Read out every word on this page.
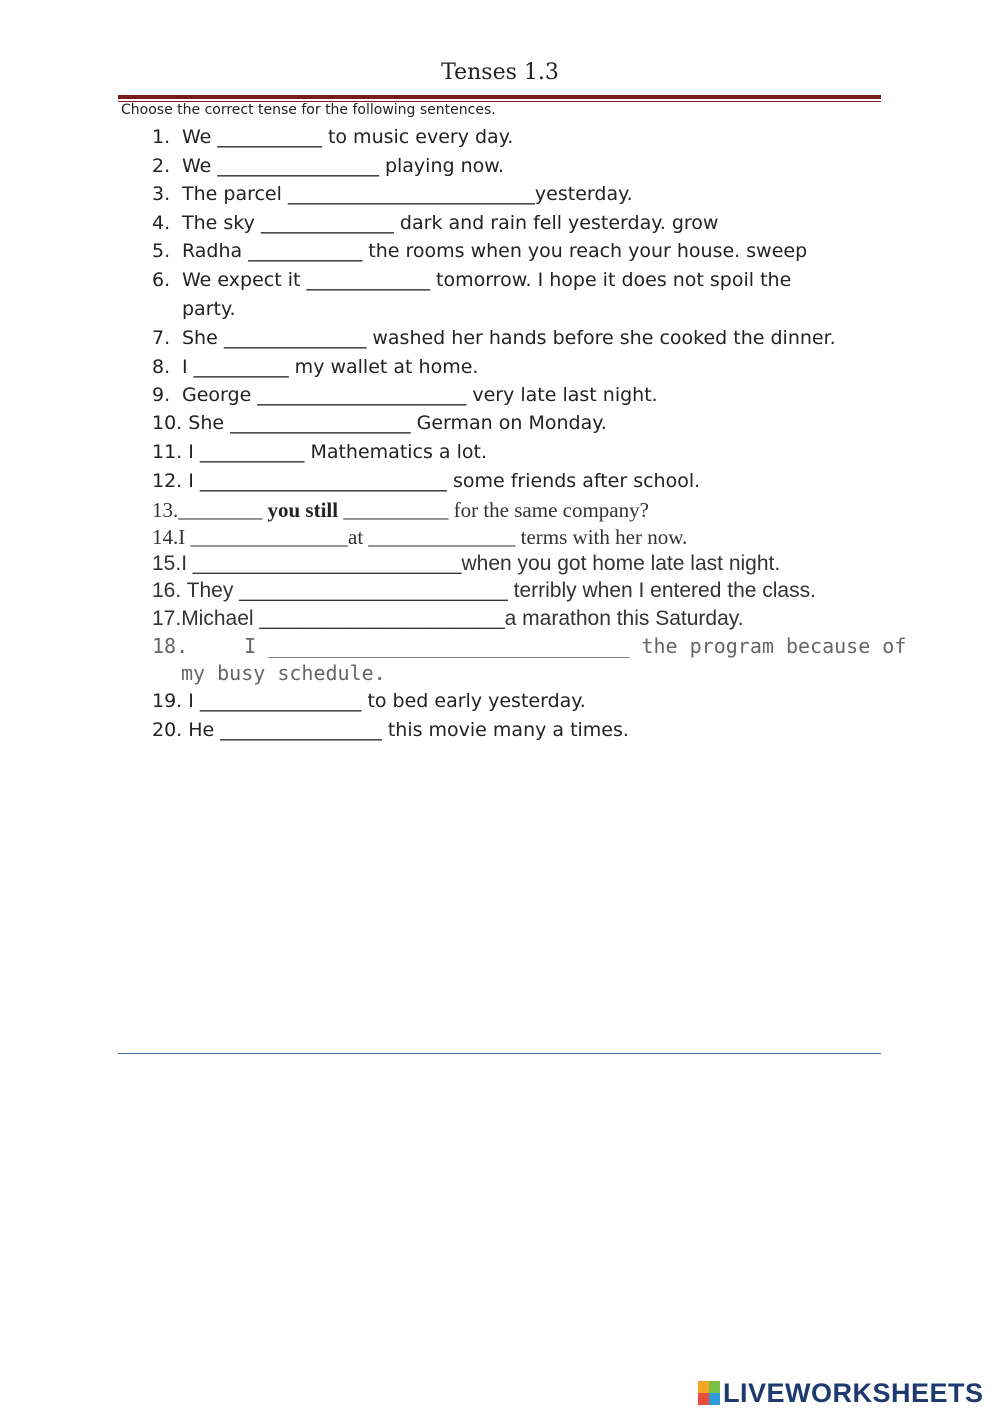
Tenses 1.3
Choose the correct tense for the following sentences.
1. We ___________ to music every day.
2. We _________________ playing now.
3. The parcel __________________________yesterday.
4. The sky ______________ dark and rain fell yesterday. grow
5. Radha ____________ the rooms when you reach your house. sweep
6. We expect it _____________ tomorrow. I hope it does not spoil the
party.
7. She _______________ washed her hands before she cooked the dinner.
8. I __________ my wallet at home.
9. George ______________________ very late last night.
10. She ___________________ German on Monday.
11. I ___________ Mathematics a lot.
12. I __________________________ some friends after school.
13.________ you still __________ for the same company?
14.I _______________at ______________ terms with her now.
15.I _______________________when you got home late last night.
16. They _______________________ terribly when I entered the class.
17.Michael _____________________a marathon this Saturday.
18.	I ______________________________ the program because of
my busy schedule.
19. I _________________ to bed early yesterday.
20. He _________________ this movie many a times.
LIVEWORKSHEETS
